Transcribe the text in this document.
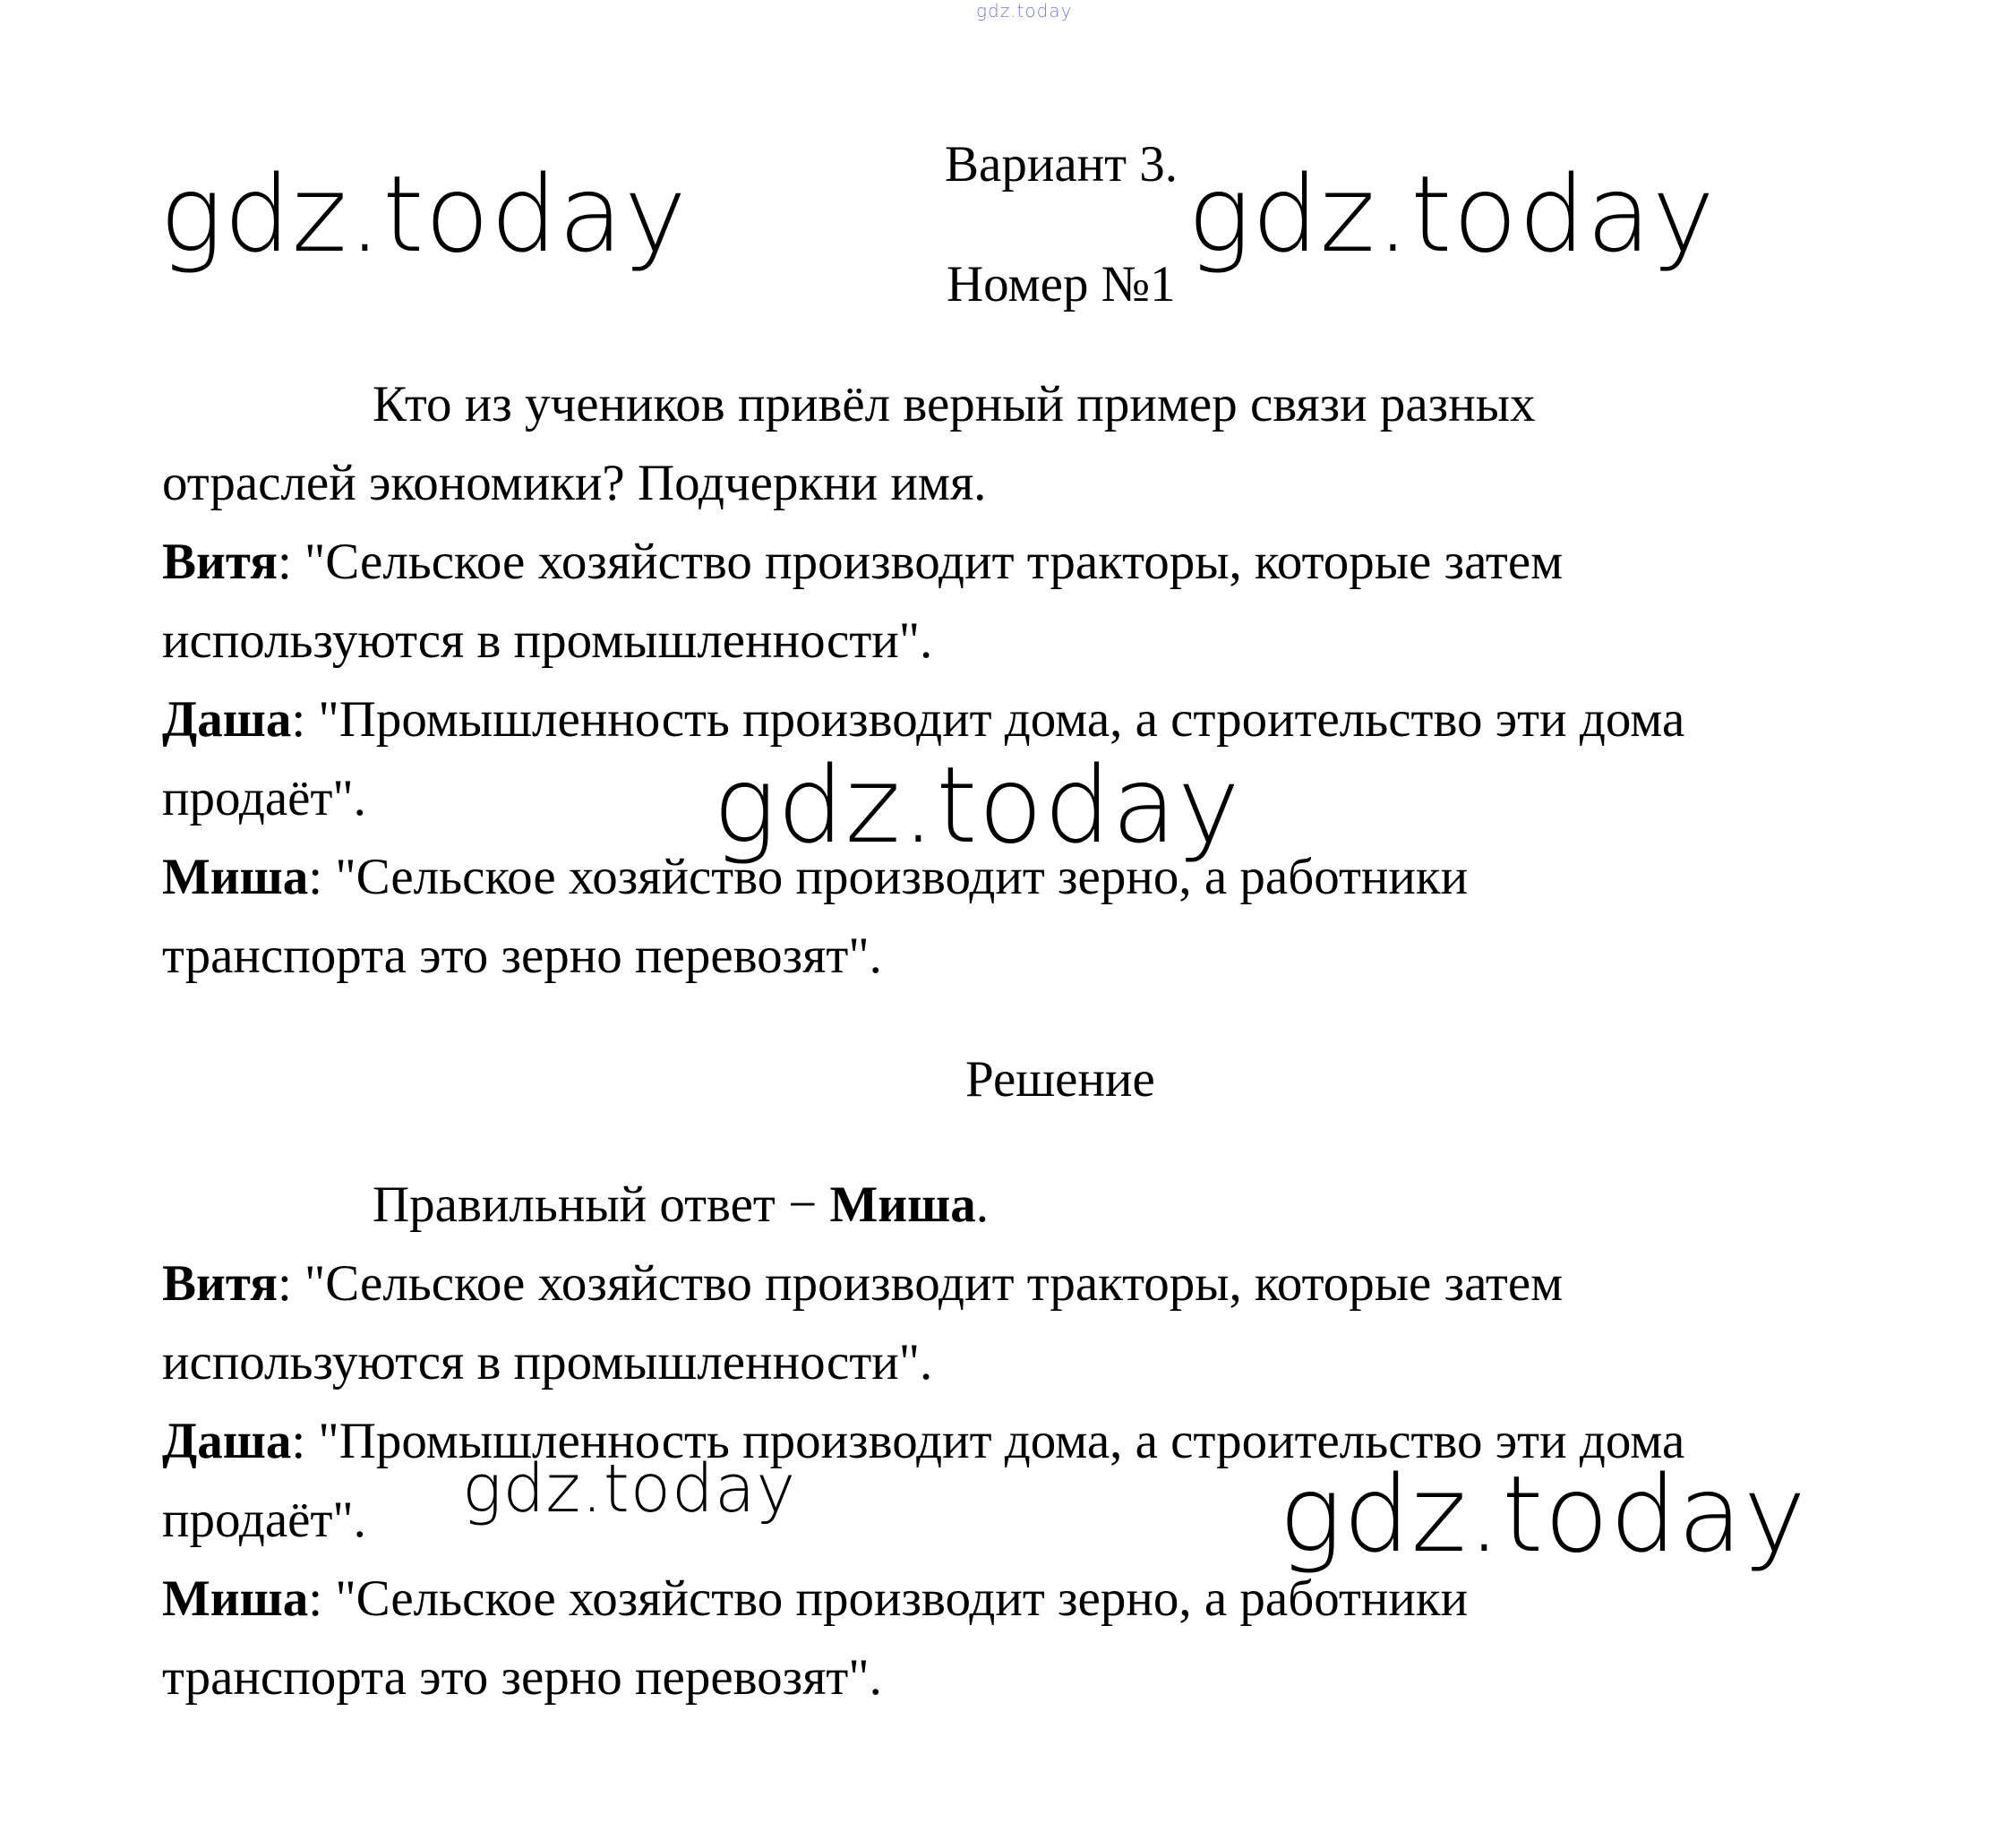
gdz.today
gdz.today	gdz.today
gdz.today
gdz.today	gdz.today
Вариант 3.
Номер №1
Кто из учеников привёл верный пример связи разных
отраслей экономики? Подчеркни имя.
Витя: "Сельское хозяйство производит тракторы, которые затем
используются в промышленности".
Даша: "Промышленность производит дома, а строительство эти дома
продаёт".
Миша: "Сельское хозяйство производит зерно, а работники
транспорта это зерно перевозят".
Решение
Правильный ответ − Миша.
Витя: "Сельское хозяйство производит тракторы, которые затем
используются в промышленности".
Даша: "Промышленность производит дома, а строительство эти дома
продаёт".
Миша: "Сельское хозяйство производит зерно, а работники
транспорта это зерно перевозят".
